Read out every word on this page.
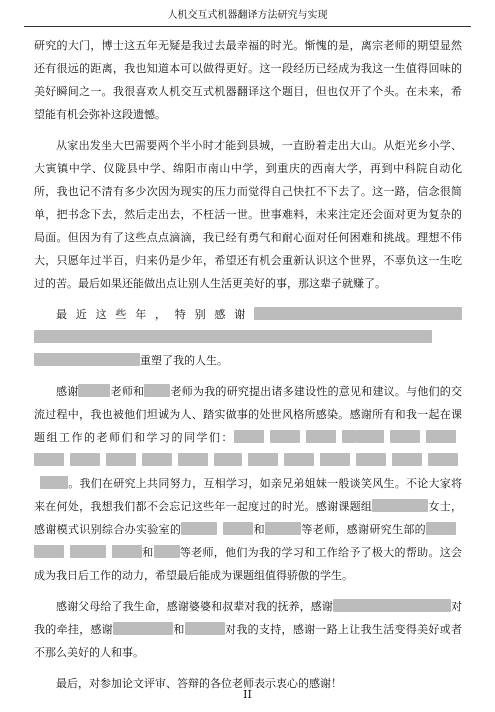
人机交互式机器翻译方法研究与实现

研究的大门，博士这五年无疑是我过去最幸福的时光。惭愧的是，离宗老师的期望显然还有很远的距离，我也知道本可以做得更好。这一段经历已经成为我这一生值得回味的美好瞬间之一。我很喜欢人机交互式机器翻译这个题目，但也仅开了个头。在未来，希望能有机会弥补这段遗憾。

从家出发坐大巴需要两个半小时才能到县城，一直盼着走出大山。从炬光乡小学、大寅镇中学、仪陇县中学、绵阳市南山中学，到重庆的西南大学，再到中科院自动化所，我也记不清有多少次因为现实的压力而觉得自己快扛不下去了。这一路，信念很简单，把书念下去，然后走出去，不枉活一世。世事难料，未来注定还会面对更为复杂的局面。但因为有了这些点点滴滴，我已经有勇气和耐心面对任何困难和挑战。理想不伟大，只愿年过半百，归来仍是少年，希望还有机会重新认识这个世界，不辜负这一生吃过的苦。最后如果还能做出点让别人生活更美好的事，那这辈子就赚了。

最近这些年，特别感谢重塑了我的人生。

感谢	老师和 老师为我的研究提出诸多建设性的意见和建议。与他们的交流过程中，我也被他们坦诚为人、踏实做事的处世风格所感染。感谢所有和我一起在课题组工作的老师们和学习的同学们：。我们在研究上共同努力，互相学习，如亲兄弟姐妹一般谈笑风生。不论大家将来在何处，我想我们都不会忘记这些年一起度过的时光。感谢课题组	女士，感谢模式识别综合办实验室的	和	等老师，感谢研究生部的和 等老师，他们为我的学习和工作给予了极大的帮助。这会成为我日后工作的动力，希望最后能成为课题组值得骄傲的学生。

感谢父母给了我生命，感谢婆婆和叔辈对我的抚养，感谢	对我的牵挂，感谢	和	对我的支持，感谢一路上让我生活变得美好或者不那么美好的人和事。

最后，对参加论文评审、答辩的各位老师表示衷心的感谢！

II
